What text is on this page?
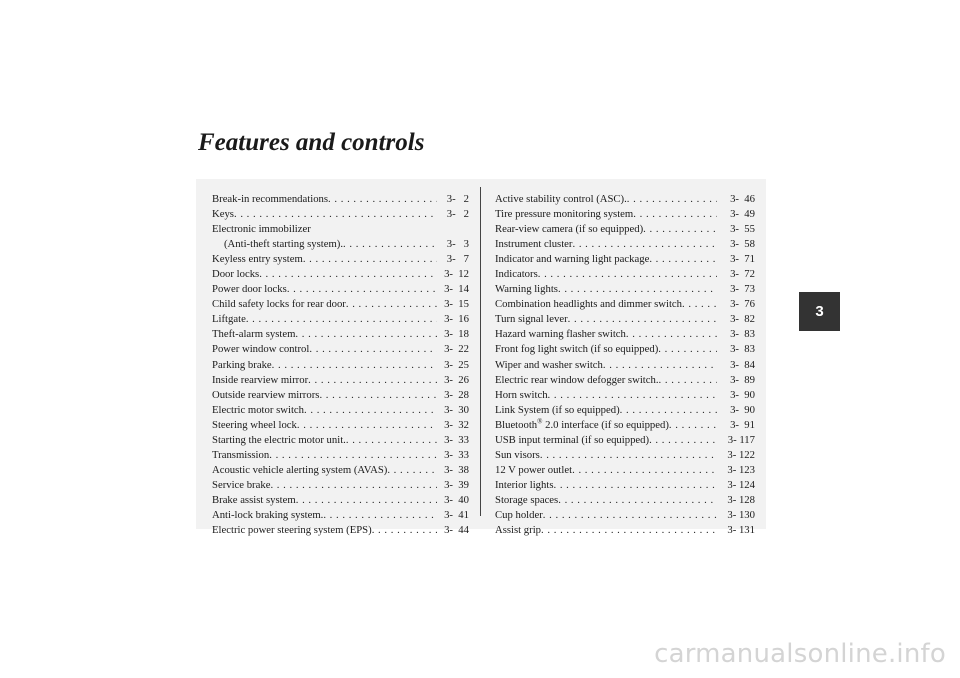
Features and controls
Break-in recommendations . . .	3-   2
Keys . . .	3-   2
Electronic immobilizer
(Anti-theft starting system). . . .	3-   3
Keyless entry system . . .	3-   7
Door locks . . .	3-  12
Power door locks . . .	3-  14
Child safety locks for rear door . . .	3-  15
Liftgate . . .	3-  16
Theft-alarm system . . .	3-  18
Power window control . . .	3-  22
Parking brake . . .	3-  25
Inside rearview mirror . . .	3-  26
Outside rearview mirrors . . .	3-  28
Electric motor switch . . .	3-  30
Steering wheel lock . . .	3-  32
Starting the electric motor unit. . . .	3-  33
Transmission . . .	3-  33
Acoustic vehicle alerting system (AVAS) . . .	3-  38
Service brake . . .	3-  39
Brake assist system . . .	3-  40
Anti-lock braking system. . . .	3-  41
Electric power steering system (EPS) . . .	3-  44
Active stability control (ASC). . . .	3-  46
Tire pressure monitoring system . . .	3-  49
Rear-view camera (if so equipped) . . .	3-  55
Instrument cluster . . .	3-  58
Indicator and warning light package . . .	3-  71
Indicators . . .	3-  72
Warning lights . . .	3-  73
Combination headlights and dimmer switch . . .	3-  76
Turn signal lever . . .	3-  82
Hazard warning flasher switch . . .	3-  83
Front fog light switch (if so equipped) . . .	3-  83
Wiper and washer switch . . .	3-  84
Electric rear window defogger switch. . . .	3-  89
Horn switch . . .	3-  90
Link System (if so equipped) . . .	3-  90
Bluetooth® 2.0 interface (if so equipped) . . .	3-  91
USB input terminal (if so equipped) . . .	3- 117
Sun visors . . .	3- 122
12 V power outlet . . .	3- 123
Interior lights . . .	3- 124
Storage spaces . . .	3- 128
Cup holder . . .	3- 130
Assist grip . . .	3- 131
3
carmanualsonline.info
